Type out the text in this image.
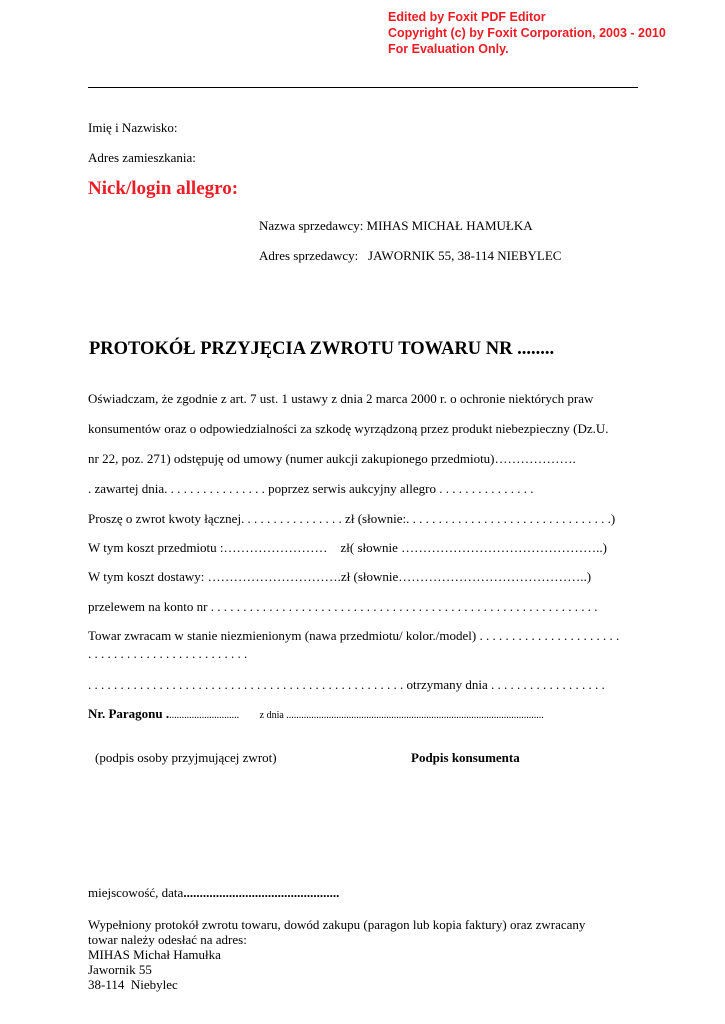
Edited by Foxit PDF Editor
Copyright (c) by Foxit Corporation, 2003 - 2010
For Evaluation Only.
Imię i Nazwisko:
Adres zamieszkania:
Nick/login allegro:
Nazwa sprzedawcy: MIHAS MICHAŁ HAMUŁKA
Adres sprzedawcy:   JAWORNIK 55, 38-114 NIEBYLEC
PROTOKÓŁ PRZYJĘCIA ZWROTU TOWARU NR ........
Oświadczam, że zgodnie z art. 7 ust. 1 ustawy z dnia 2 marca 2000 r. o ochronie niektórych praw
konsumentów oraz o odpowiedzialności za szkodę wyrządzoną przez produkt niebezpieczny (Dz.U.
nr 22, poz. 271) odstępuję od umowy (numer aukcji zakupionego przedmiotu)……………….
. zawartej dnia. . . . . . . . . . . . . . . . poprzez serwis aukcyjny allegro . . . . . . . . . . . . . . .
Proszę o zwrot kwoty łącznej. . . . . . . . . . . . . . . . zł (słownie:. . . . . . . . . . . . . . . . . . . . . . . . . . . . . . . .)
W tym koszt przedmiotu :……………………    zł( słownie ………………………………………..)
W tym koszt dostawy: ………………………….zł (słownie……………………………………..)
przelewem na konto nr . . . . . . . . . . . . . . . . . . . . . . . . . . . . . . . . . . . . . . . . . . . . . . . . . . . . . . . . . . . .
Towar zwracam w stanie niezmienionym (nawa przedmiotu/ kolor./model) . . . . . . . . . . . . . . . . . . . . . .
. . . . . . . . . . . . . . . . . . . . . . . . .
. . . . . . . . . . . . . . . . . . . . . . . . . . . . . . . . . . . . . . . . . . . . . . . . . otrzymany dnia . . . . . . . . . . . . . . . . . .
Nr. Paragonu ............................. z dnia .......................................................................................................
(podpis osoby przyjmującej zwrot)	Podpis konsumenta
miejscowość, data................................................
Wypełniony protokół zwrotu towaru, dowód zakupu (paragon lub kopia faktury) oraz zwracany
towar należy odesłać na adres:
MIHAS Michał Hamułka
Jawornik 55
38-114  Niebylec
